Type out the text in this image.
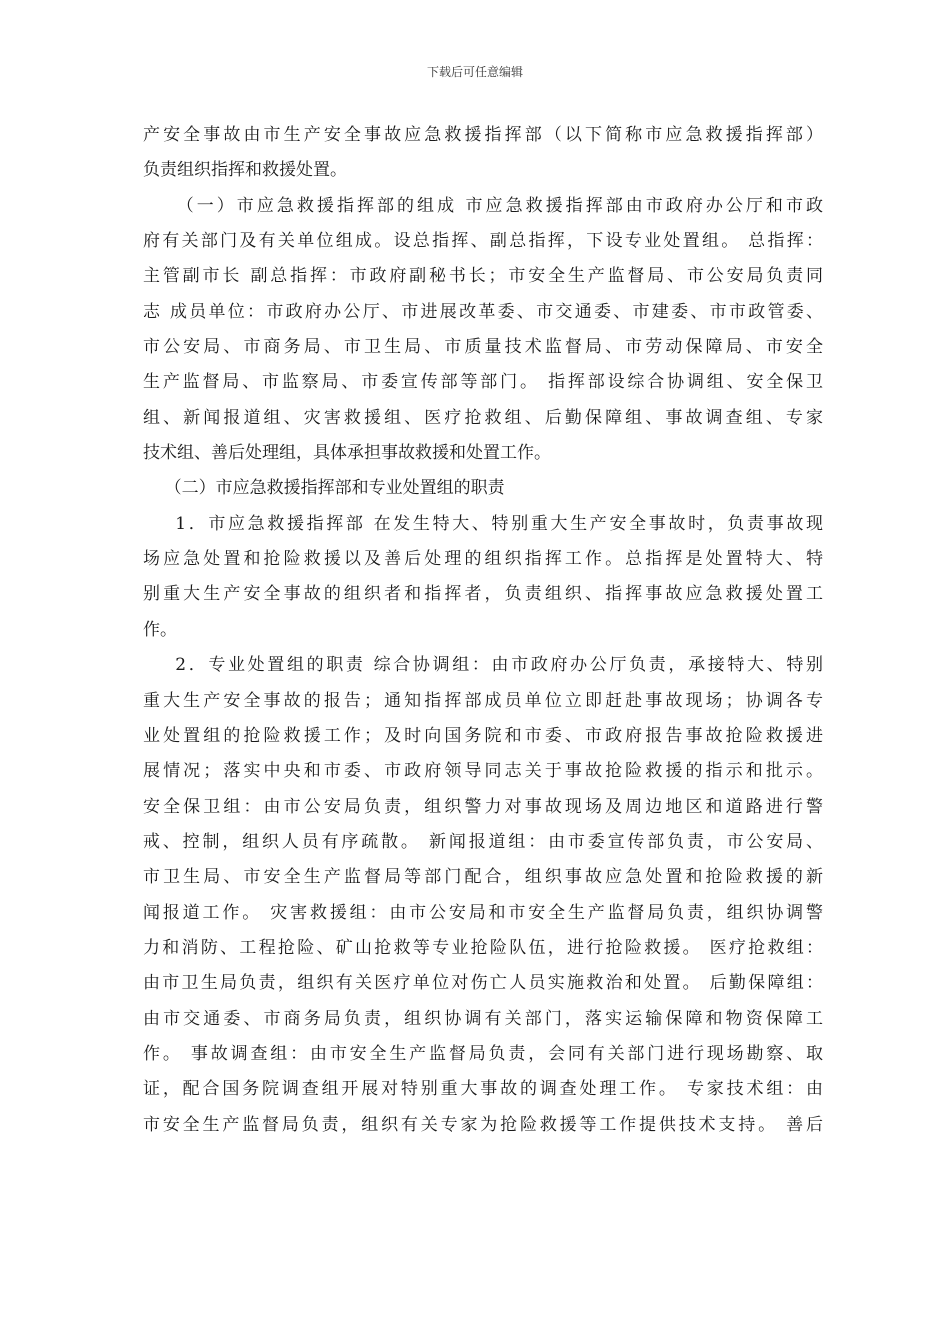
下载后可任意编辑
产安全事故由市生产安全事故应急救援指挥部（以下简称市应急救援指挥部）
负责组织指挥和救援处置。
（一）市应急救援指挥部的组成 市应急救援指挥部由市政府办公厅和市政
府有关部门及有关单位组成。设总指挥、副总指挥，下设专业处置组。 总指挥：
主管副市长 副总指挥：市政府副秘书长；市安全生产监督局、市公安局负责同
志 成员单位：市政府办公厅、市进展改革委、市交通委、市建委、市市政管委、
市公安局、市商务局、市卫生局、市质量技术监督局、市劳动保障局、市安全
生产监督局、市监察局、市委宣传部等部门。 指挥部设综合协调组、安全保卫
组、新闻报道组、灾害救援组、医疗抢救组、后勤保障组、事故调查组、专家
技术组、善后处理组，具体承担事故救援和处置工作。
（二）市应急救援指挥部和专业处置组的职责
1．市应急救援指挥部 在发生特大、特别重大生产安全事故时，负责事故现
场应急处置和抢险救援以及善后处理的组织指挥工作。总指挥是处置特大、特
别重大生产安全事故的组织者和指挥者，负责组织、指挥事故应急救援处置工
作。
2．专业处置组的职责 综合协调组：由市政府办公厅负责，承接特大、特别
重大生产安全事故的报告；通知指挥部成员单位立即赶赴事故现场；协调各专
业处置组的抢险救援工作；及时向国务院和市委、市政府报告事故抢险救援进
展情况；落实中央和市委、市政府领导同志关于事故抢险救援的指示和批示。
安全保卫组：由市公安局负责，组织警力对事故现场及周边地区和道路进行警
戒、控制，组织人员有序疏散。 新闻报道组：由市委宣传部负责，市公安局、
市卫生局、市安全生产监督局等部门配合，组织事故应急处置和抢险救援的新
闻报道工作。 灾害救援组：由市公安局和市安全生产监督局负责，组织协调警
力和消防、工程抢险、矿山抢救等专业抢险队伍，进行抢险救援。 医疗抢救组：
由市卫生局负责，组织有关医疗单位对伤亡人员实施救治和处置。 后勤保障组：
由市交通委、市商务局负责，组织协调有关部门，落实运输保障和物资保障工
作。 事故调查组：由市安全生产监督局负责，会同有关部门进行现场勘察、取
证，配合国务院调查组开展对特别重大事故的调查处理工作。 专家技术组：由
市安全生产监督局负责，组织有关专家为抢险救援等工作提供技术支持。 善后
